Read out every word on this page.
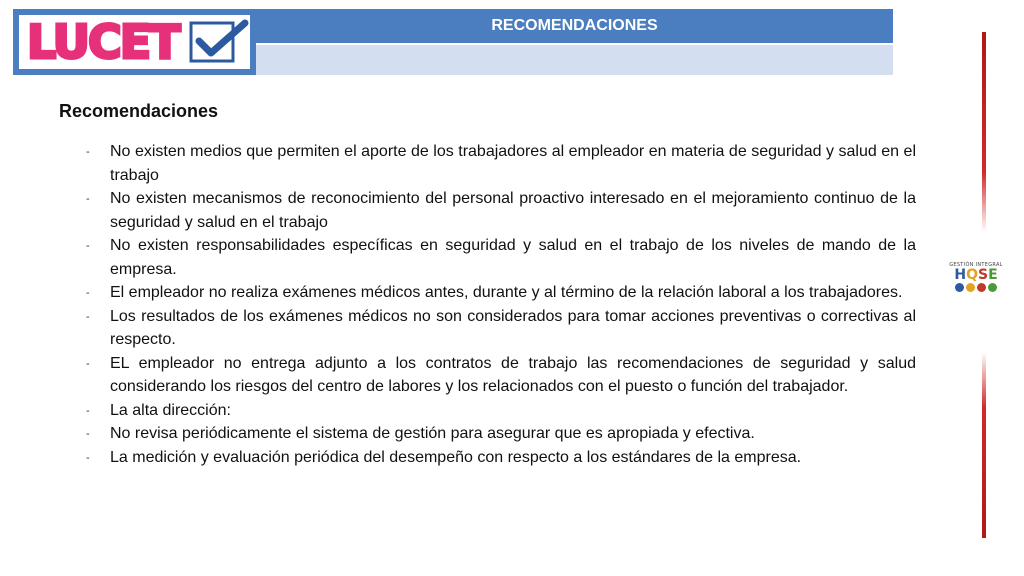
LUCET	RECOMENDACIONES
GESTIÓN INTEGRAL
HQSE
Recomendaciones
- No existen medios que permiten el aporte de los trabajadores al empleador en materia de seguridad y salud en el trabajo
- No existen mecanismos de reconocimiento del personal proactivo interesado en el mejoramiento continuo de la seguridad y salud en el trabajo
- No existen responsabilidades específicas en seguridad y salud en el trabajo de los niveles de mando de la empresa.
- El empleador no realiza exámenes médicos antes, durante y al término de la relación laboral a los trabajadores.
- Los resultados de los exámenes médicos no son considerados para tomar acciones preventivas o correctivas al respecto.
- EL empleador no entrega adjunto a los contratos de trabajo las recomendaciones de seguridad y salud considerando los riesgos del centro de labores y los relacionados con el puesto o función del trabajador.
- La alta dirección:
- No revisa periódicamente el sistema de gestión para asegurar que es apropiada y efectiva.
- La medición y evaluación periódica del desempeño con respecto a los estándares de la empresa.
